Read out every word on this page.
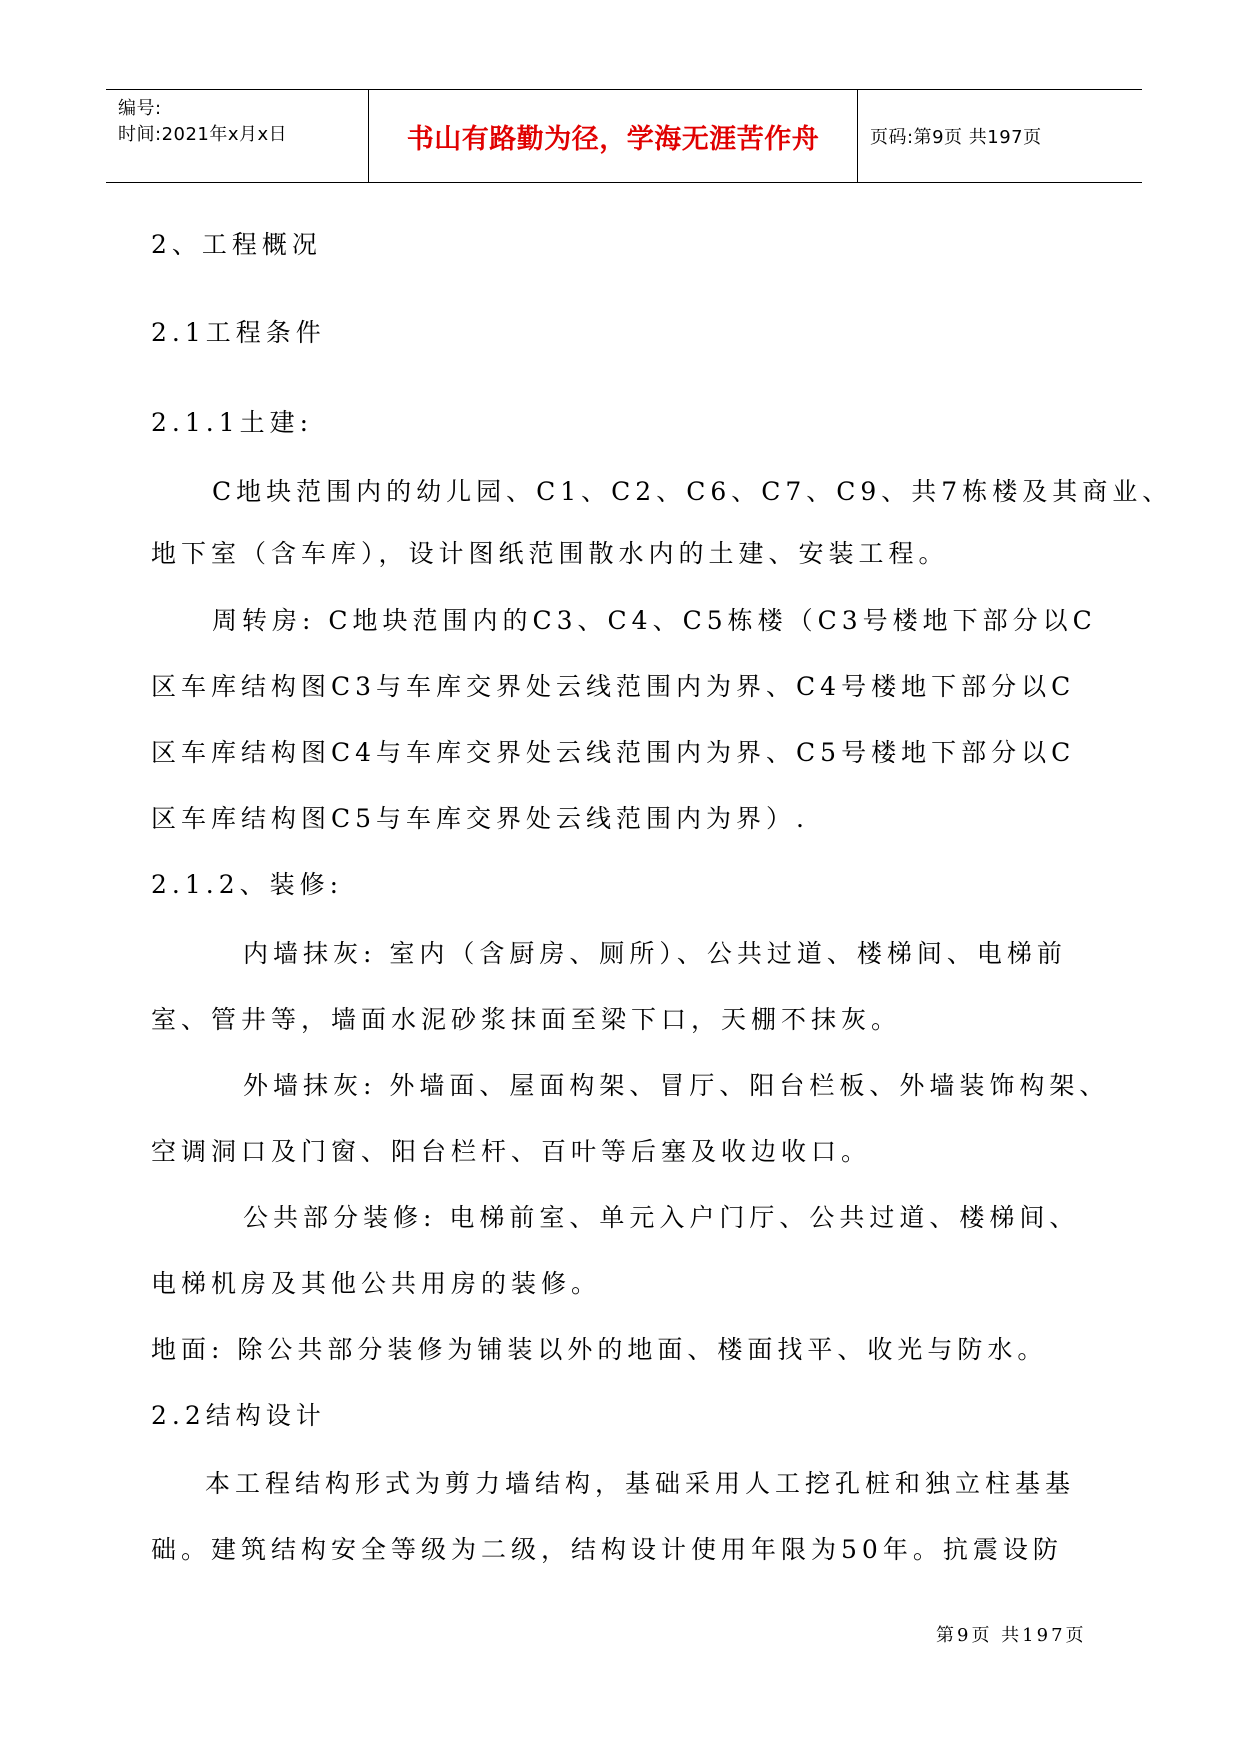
编号:
时间:2021年x月x日	书山有路勤为径，学海无涯苦作舟	页码:第9页 共197页
2、工程概况
2.1工程条件
2.1.1土建:
C地块范围内的幼儿园、C1、C2、C6、C7、C9、共7栋楼及其商业、
地下室（含车库），设计图纸范围散水内的土建、安装工程。
周转房: C地块范围内的C3、C4、C5栋楼（C3号楼地下部分以C
区车库结构图C3与车库交界处云线范围内为界、C4号楼地下部分以C
区车库结构图C4与车库交界处云线范围内为界、C5号楼地下部分以C
区车库结构图C5与车库交界处云线范围内为界）.
2.1.2、装修:
内墙抹灰: 室内（含厨房、厕所）、公共过道、楼梯间、电梯前
室、管井等，墙面水泥砂浆抹面至梁下口，天棚不抹灰。
外墙抹灰: 外墙面、屋面构架、冒厅、阳台栏板、外墙装饰构架、
空调洞口及门窗、阳台栏杆、百叶等后塞及收边收口。
公共部分装修: 电梯前室、单元入户门厅、公共过道、楼梯间、
电梯机房及其他公共用房的装修。
地面: 除公共部分装修为铺装以外的地面、楼面找平、收光与防水。
2.2结构设计
本工程结构形式为剪力墙结构，基础采用人工挖孔桩和独立柱基基
础。建筑结构安全等级为二级，结构设计使用年限为50年。抗震设防
第9页 共197页
